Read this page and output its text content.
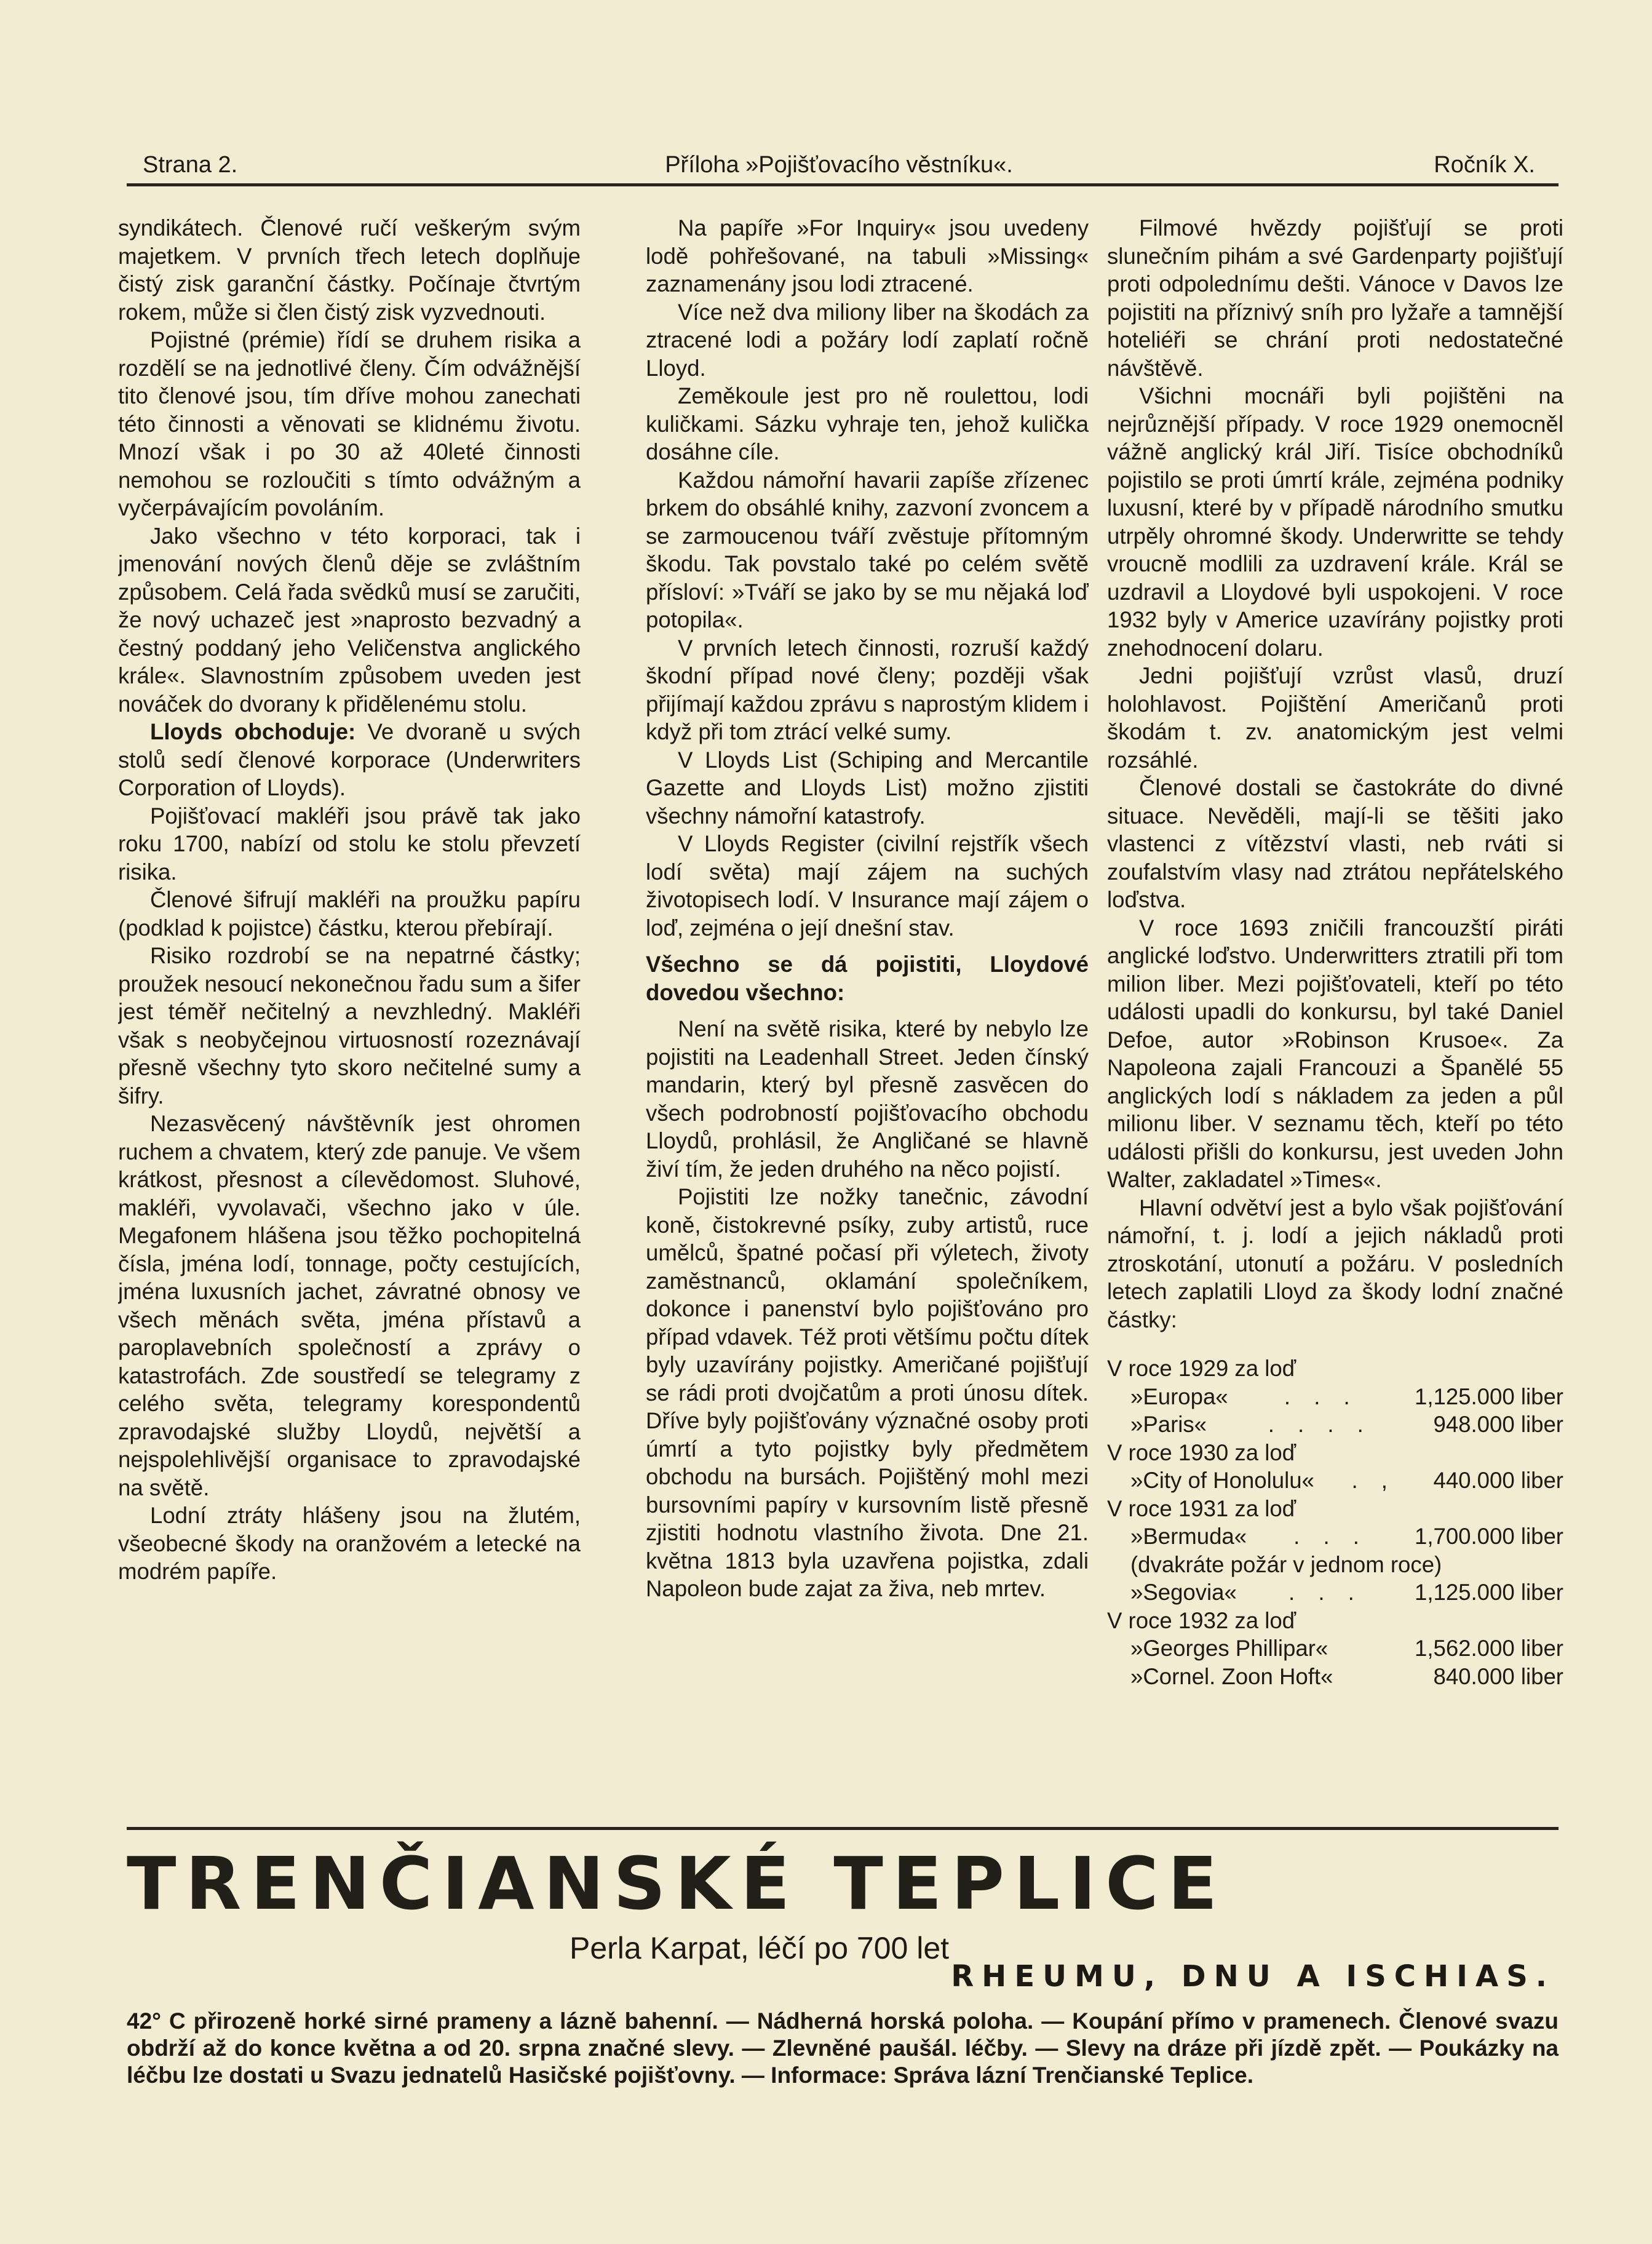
Strana 2.	Příloha »Pojišťovacího věstníku«.	Ročník X.

syndikátech. Členové ručí veškerým svým majetkem. V prvních třech letech doplňuje čistý zisk garanční částky. Počínaje čtvrtým rokem, může si člen čistý zisk vyzvednouti.

Pojistné (prémie) řídí se druhem risika a rozdělí se na jednotlivé členy. Čím odvážnější tito členové jsou, tím dříve mohou zanechati této činnosti a věnovati se klidnému životu. Mnozí však i po 30 až 40leté činnosti nemohou se rozloučiti s tímto odvážným a vyčerpávajícím povoláním.

Jako všechno v této korporaci, tak i jmenování nových členů děje se zvláštním způsobem. Celá řada svědků musí se zaručiti, že nový uchazeč jest »naprosto bezvadný a čestný poddaný jeho Veličenstva anglického krále«. Slavnostním způsobem uveden jest nováček do dvorany k přidělenému stolu.

Lloyds obchoduje: Ve dvoraně u svých stolů sedí členové korporace (Underwriters Corporation of Lloyds).

Pojišťovací makléři jsou právě tak jako roku 1700, nabízí od stolu ke stolu převzetí risika.

Členové šifrují makléři na proužku papíru (podklad k pojistce) částku, kterou přebírají.

Risiko rozdrobí se na nepatrné částky; proužek nesoucí nekonečnou řadu sum a šifer jest téměř nečitelný a nevzhledný. Makléři však s neobyčejnou virtuosností rozeznávají přesně všechny tyto skoro nečitelné sumy a šifry.

Nezasvěcený návštěvník jest ohromen ruchem a chvatem, který zde panuje. Ve všem krátkost, přesnost a cílevědomost. Sluhové, makléři, vyvolavači, všechno jako v úle. Megafonem hlášena jsou těžko pochopitelná čísla, jména lodí, tonnage, počty cestujících, jména luxusních jachet, závratné obnosy ve všech měnách světa, jména přístavů a paroplavebních společností a zprávy o katastrofách. Zde soustředí se telegramy z celého světa, telegramy korespondentů zpravodajské služby Lloydů, největší a nejspolehlivější organisace to zpravodajské na světě.

Lodní ztráty hlášeny jsou na žlutém, všeobecné škody na oranžovém a letecké na modrém papíře.

Na papíře »For Inquiry« jsou uvedeny lodě pohřešované, na tabuli »Missing« zaznamenány jsou lodi ztracené.

Více než dva miliony liber na škodách za ztracené lodi a požáry lodí zaplatí ročně Lloyd.

Zeměkoule jest pro ně roulettou, lodi kuličkami. Sázku vyhraje ten, jehož kulička dosáhne cíle.

Každou námořní havarii zapíše zřízenec brkem do obsáhlé knihy, zazvoní zvoncem a se zarmoucenou tváří zvěstuje přítomným škodu. Tak povstalo také po celém světě přísloví: »Tváří se jako by se mu nějaká loď potopila«.

V prvních letech činnosti, rozruší každý škodní případ nové členy; později však přijímají každou zprávu s naprostým klidem i když při tom ztrácí velké sumy.

V Lloyds List (Schiping and Mercantile Gazette and Lloyds List) možno zjistiti všechny námořní katastrofy.

V Lloyds Register (civilní rejstřík všech lodí světa) mají zájem na suchých životopisech lodí. V Insurance mají zájem o loď, zejména o její dnešní stav.

Všechno se dá pojistiti, Lloydové dovedou všechno:

Není na světě risika, které by nebylo lze pojistiti na Leadenhall Street. Jeden čínský mandarin, který byl přesně zasvěcen do všech podrobností pojišťovacího obchodu Lloydů, prohlásil, že Angličané se hlavně živí tím, že jeden druhého na něco pojistí.

Pojistiti lze nožky tanečnic, závodní koně, čistokrevné psíky, zuby artistů, ruce umělců, špatné počasí při výletech, životy zaměstnanců, oklamání společníkem, dokonce i panenství bylo pojišťováno pro případ vdavek. Též proti většímu počtu dítek byly uzavírány pojistky. Američané pojišťují se rádi proti dvojčatům a proti únosu dítek. Dříve byly pojišťovány význačné osoby proti úmrtí a tyto pojistky byly předmětem obchodu na bursách. Pojištěný mohl mezi bursovními papíry v kursovním listě přesně zjistiti hodnotu vlastního života. Dne 21. května 1813 byla uzavřena pojistka, zdali Napoleon bude zajat za živa, neb mrtev.

Filmové hvězdy pojišťují se proti slunečním pihám a své Gardenparty pojišťují proti odpolednímu dešti. Vánoce v Davos lze pojistiti na příznivý sníh pro lyžaře a tamnější hoteliéři se chrání proti nedostatečné návštěvě.

Všichni mocnáři byli pojištěni na nejrůznější případy. V roce 1929 onemocněl vážně anglický král Jiří. Tisíce obchodníků pojistilo se proti úmrtí krále, zejména podniky luxusní, které by v případě národního smutku utrpěly ohromné škody. Underwritte se tehdy vroucně modlili za uzdravení krále. Král se uzdravil a Lloydové byli uspokojeni. V roce 1932 byly v Americe uzavírány pojistky proti znehodnocení dolaru.

Jedni pojišťují vzrůst vlasů, druzí holohlavost. Pojištění Američanů proti škodám t. zv. anatomickým jest velmi rozsáhlé.

Členové dostali se častokráte do divné situace. Nevěděli, mají-li se těšiti jako vlastenci z vítězství vlasti, neb rváti si zoufalstvím vlasy nad ztrátou nepřátelského loďstva.

V roce 1693 zničili francouzští piráti anglické loďstvo. Underwritters ztratili při tom milion liber. Mezi pojišťovateli, kteří po této události upadli do konkursu, byl také Daniel Defoe, autor »Robinson Krusoe«. Za Napoleona zajali Francouzi a Španělé 55 anglických lodí s nákladem za jeden a půl milionu liber. V seznamu těch, kteří po této události přišli do konkursu, jest uveden John Walter, zakladatel »Times«.

Hlavní odvětví jest a bylo však pojišťování námořní, t. j. lodí a jejich nákladů proti ztroskotání, utonutí a požáru. V posledních letech zaplatili Lloyd za škody lodní značné částky:

V roce 1929 za loď
»Europa«	. . .	1,125.000 liber
»Paris«	. . . .	948.000 liber
V roce 1930 za loď
»City of Honolulu«	. ,	440.000 liber
V roce 1931 za loď
»Bermuda«	. . .	1,700.000 liber
(dvakráte požár v jednom roce)
»Segovia«	. . .	1,125.000 liber
V roce 1932 za loď
»Georges Phillipar«	1,562.000 liber
»Cornel. Zoon Hoft«	840.000 liber
TRENČIANSKÉ TEPLICE
Perla Karpat, léčí po 700 let
RHEUMU, DNU A ISCHIAS.
42° C přirozeně horké sirné prameny a lázně bahenní. — Nádherná horská poloha. — Koupání přímo v pramenech. Členové svazu obdrží až do konce května a od 20. srpna značné slevy. — Zlevněné paušál. léčby. — Slevy na dráze při jízdě zpět. — Poukázky na léčbu lze dostati u Svazu jednatelů Hasičské pojišťovny. — Informace: Správa lázní Trenčianské Teplice.
